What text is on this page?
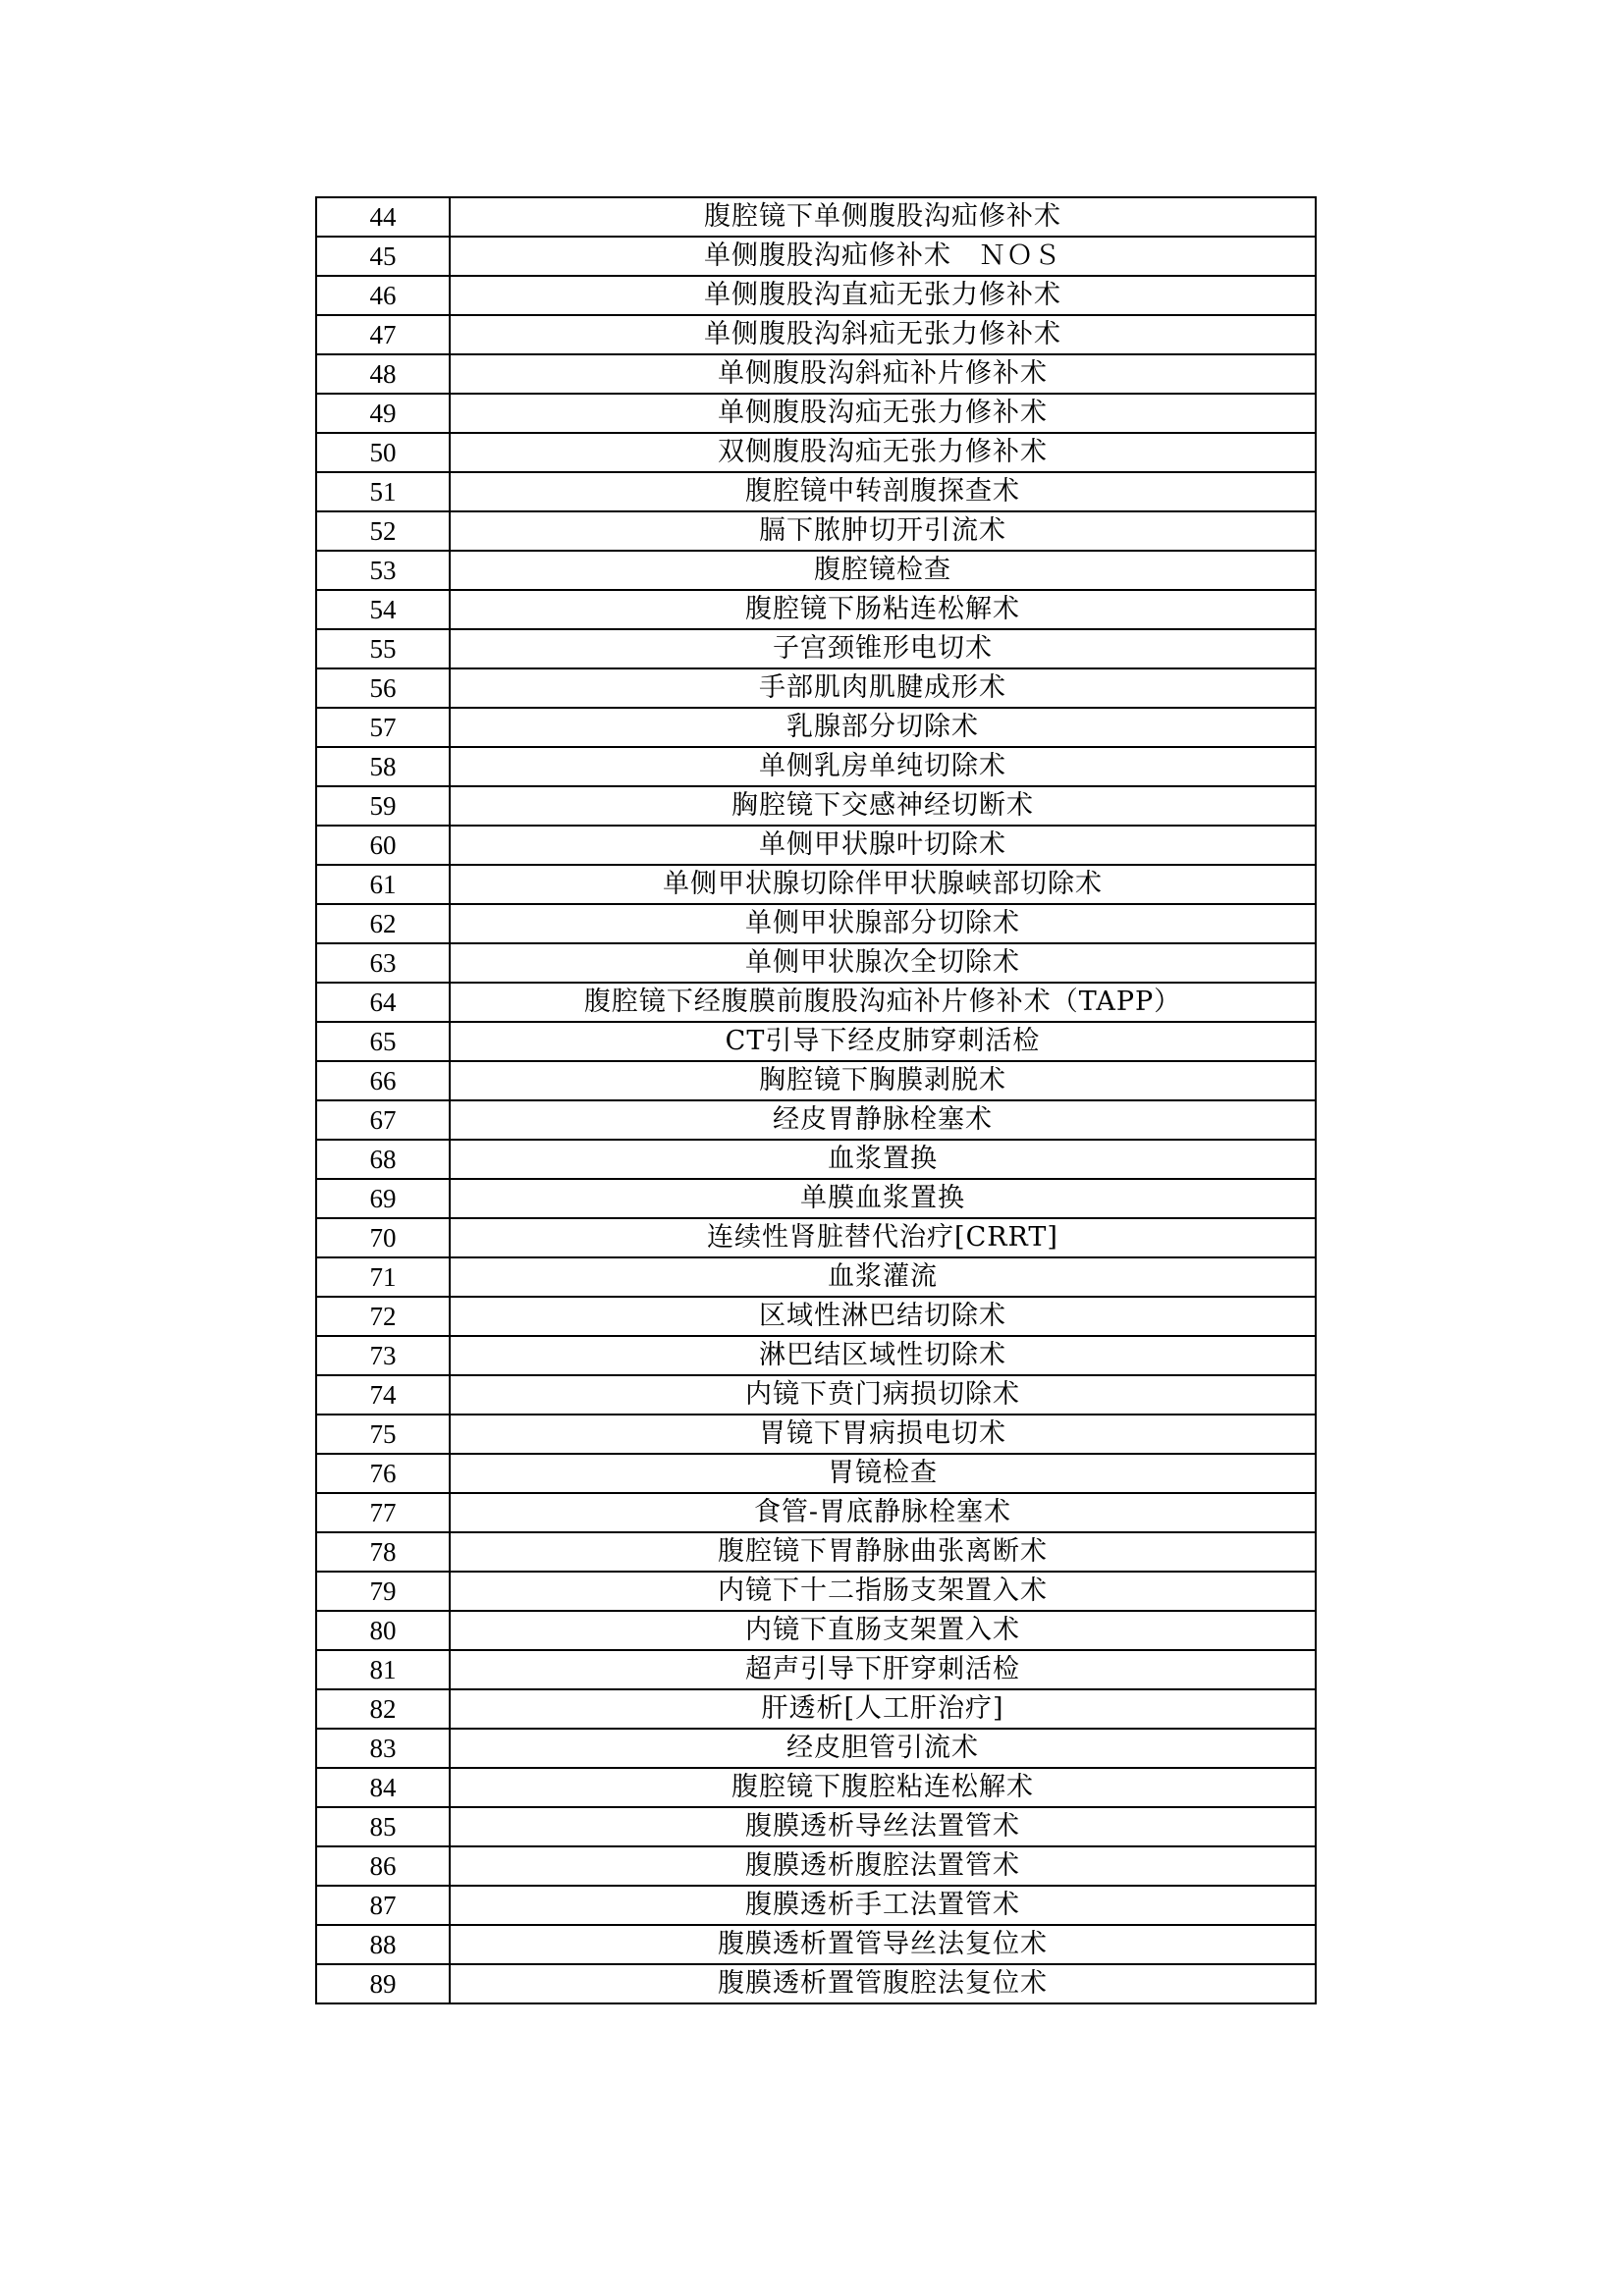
44	腹腔镜下单侧腹股沟疝修补术
45	单侧腹股沟疝修补术　ＮＯＳ
46	单侧腹股沟直疝无张力修补术
47	单侧腹股沟斜疝无张力修补术
48	单侧腹股沟斜疝补片修补术
49	单侧腹股沟疝无张力修补术
50	双侧腹股沟疝无张力修补术
51	腹腔镜中转剖腹探查术
52	膈下脓肿切开引流术
53	腹腔镜检查
54	腹腔镜下肠粘连松解术
55	子宫颈锥形电切术
56	手部肌肉肌腱成形术
57	乳腺部分切除术
58	单侧乳房单纯切除术
59	胸腔镜下交感神经切断术
60	单侧甲状腺叶切除术
61	单侧甲状腺切除伴甲状腺峡部切除术
62	单侧甲状腺部分切除术
63	单侧甲状腺次全切除术
64	腹腔镜下经腹膜前腹股沟疝补片修补术（TAPP）
65	CT引导下经皮肺穿刺活检
66	胸腔镜下胸膜剥脱术
67	经皮胃静脉栓塞术
68	血浆置换
69	单膜血浆置换
70	连续性肾脏替代治疗[CRRT]
71	血浆灌流
72	区域性淋巴结切除术
73	淋巴结区域性切除术
74	内镜下贲门病损切除术
75	胃镜下胃病损电切术
76	胃镜检查
77	食管-胃底静脉栓塞术
78	腹腔镜下胃静脉曲张离断术
79	内镜下十二指肠支架置入术
80	内镜下直肠支架置入术
81	超声引导下肝穿刺活检
82	肝透析[人工肝治疗]
83	经皮胆管引流术
84	腹腔镜下腹腔粘连松解术
85	腹膜透析导丝法置管术
86	腹膜透析腹腔法置管术
87	腹膜透析手工法置管术
88	腹膜透析置管导丝法复位术
89	腹膜透析置管腹腔法复位术
